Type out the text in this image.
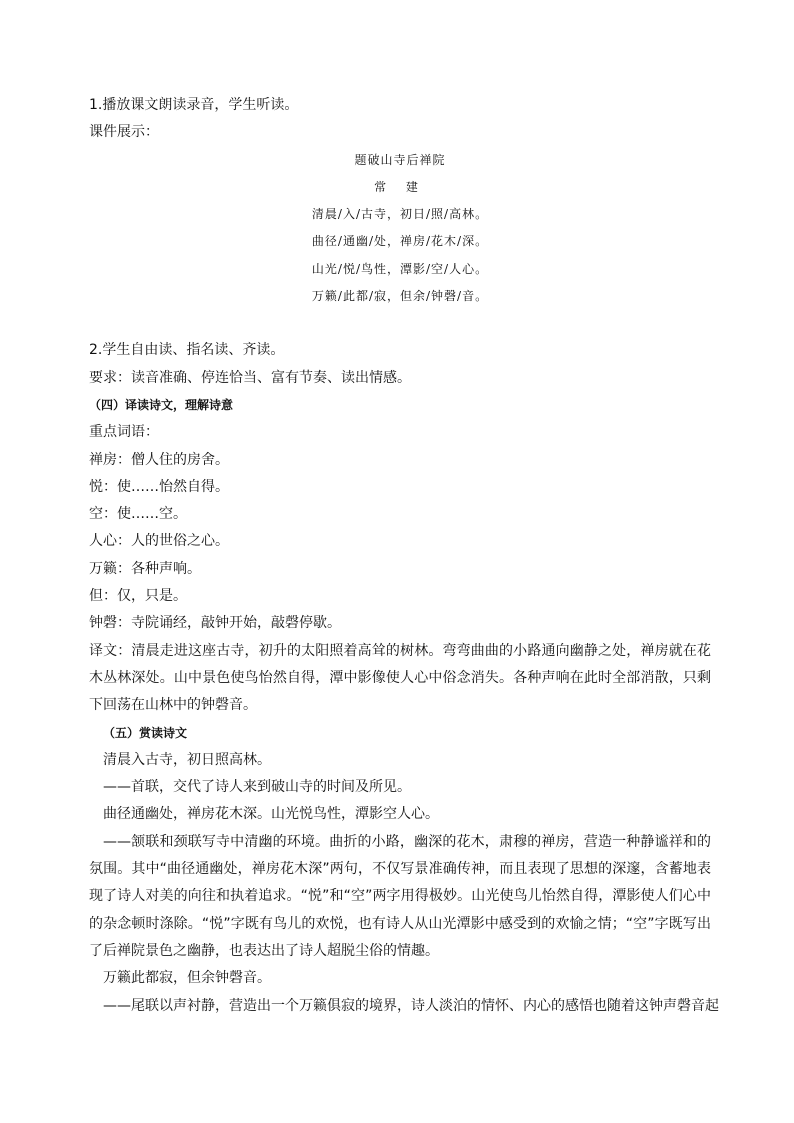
1.播放课文朗读录音，学生听读。

课件展示：

题破山寺后禅院

常 建

清晨/入/古寺，初日/照/高林。

曲径/通幽/处，禅房/花木/深。

山光/悦/鸟性，潭影/空/人心。

万籁/此都/寂，但余/钟磬/音。

2.学生自由读、指名读、齐读。

要求：读音准确、停连恰当、富有节奏、读出情感。

（四）译读诗文，理解诗意

重点词语：

禅房：僧人住的房舍。

悦：使……怡然自得。

空：使……空。

人心：人的世俗之心。

万籁：各种声响。

但：仅，只是。

钟磬：寺院诵经，敲钟开始，敲磬停歇。

译文：清晨走进这座古寺，初升的太阳照着高耸的树林。弯弯曲曲的小路通向幽静之处，禅房就在花木丛林深处。山中景色使鸟怡然自得，潭中影像使人心中俗念消失。各种声响在此时全部消散，只剩下回荡在山林中的钟磬音。

（五）赏读诗文

清晨入古寺，初日照高林。

——首联，交代了诗人来到破山寺的时间及所见。

曲径通幽处，禅房花木深。山光悦鸟性，潭影空人心。

——颔联和颈联写寺中清幽的环境。曲折的小路，幽深的花木，肃穆的禅房，营造一种静谧祥和的氛围。其中“曲径通幽处，禅房花木深”两句，不仅写景准确传神，而且表现了思想的深邃，含蓄地表现了诗人对美的向往和执着追求。“悦”和“空”两字用得极妙。山光使鸟儿怡然自得，潭影使人们心中的杂念顿时涤除。“悦”字既有鸟儿的欢悦，也有诗人从山光潭影中感受到的欢愉之情；“空”字既写出了后禅院景色之幽静，也表达出了诗人超脱尘俗的情趣。

万籁此都寂，但余钟磬音。

——尾联以声衬静，营造出一个万籁俱寂的境界，诗人淡泊的情怀、内心的感悟也随着这钟声磬音起
